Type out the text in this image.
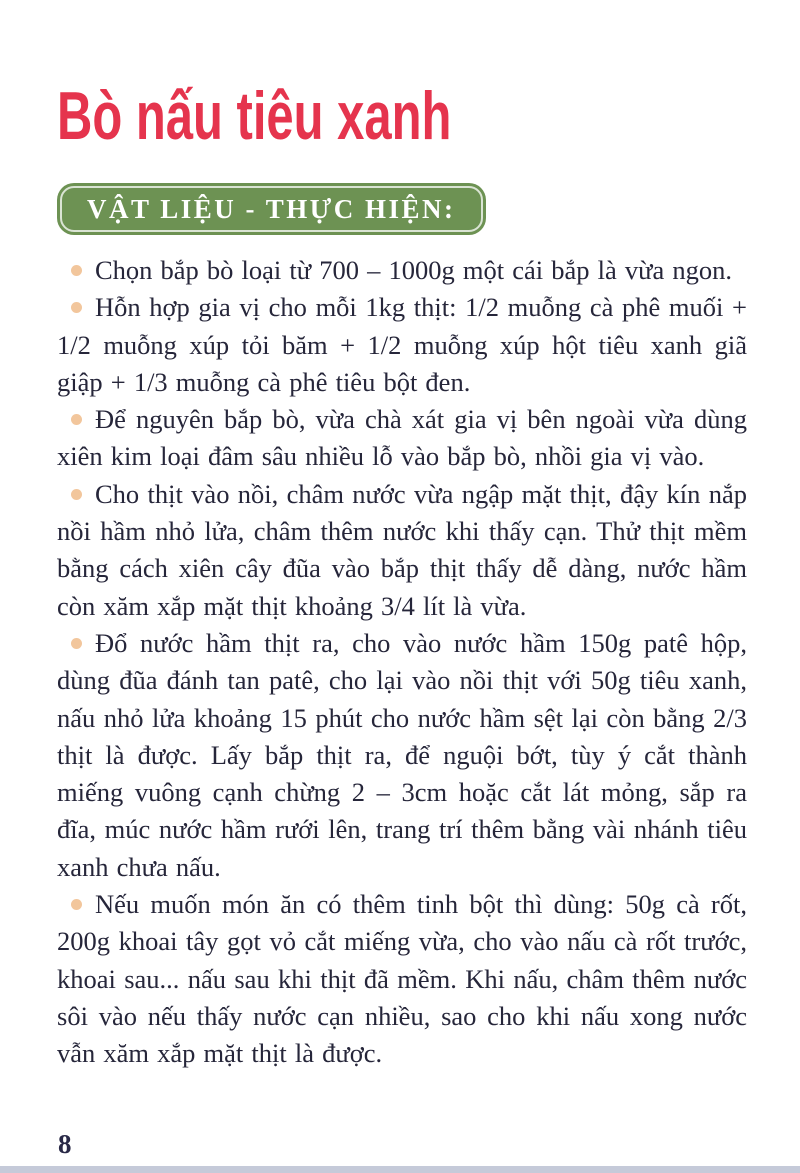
Bò nấu tiêu xanh
VẬT LIỆU - THỰC HIỆN:

Chọn bắp bò loại từ 700 – 1000g một cái bắp là vừa ngon.

Hỗn hợp gia vị cho mỗi 1kg thịt: 1/2 muỗng cà phê muối + 1/2 muỗng xúp tỏi băm + 1/2 muỗng xúp hột tiêu xanh giã giập + 1/3 muỗng cà phê tiêu bột đen.

Để nguyên bắp bò, vừa chà xát gia vị bên ngoài vừa dùng xiên kim loại đâm sâu nhiều lỗ vào bắp bò, nhồi gia vị vào.

Cho thịt vào nồi, châm nước vừa ngập mặt thịt, đậy kín nắp nồi hầm nhỏ lửa, châm thêm nước khi thấy cạn. Thử thịt mềm bằng cách xiên cây đũa vào bắp thịt thấy dễ dàng, nước hầm còn xăm xắp mặt thịt khoảng 3/4 lít là vừa.

Đổ nước hầm thịt ra, cho vào nước hầm 150g patê hộp, dùng đũa đánh tan patê, cho lại vào nồi thịt với 50g tiêu xanh, nấu nhỏ lửa khoảng 15 phút cho nước hầm sệt lại còn bằng 2/3 thịt là được. Lấy bắp thịt ra, để nguội bớt, tùy ý cắt thành miếng vuông cạnh chừng 2 – 3cm hoặc cắt lát mỏng, sắp ra đĩa, múc nước hầm rưới lên, trang trí thêm bằng vài nhánh tiêu xanh chưa nấu.

Nếu muốn món ăn có thêm tinh bột thì dùng: 50g cà rốt, 200g khoai tây gọt vỏ cắt miếng vừa, cho vào nấu cà rốt trước, khoai sau... nấu sau khi thịt đã mềm. Khi nấu, châm thêm nước sôi vào nếu thấy nước cạn nhiều, sao cho khi nấu xong nước vẫn xăm xắp mặt thịt là được.

8
